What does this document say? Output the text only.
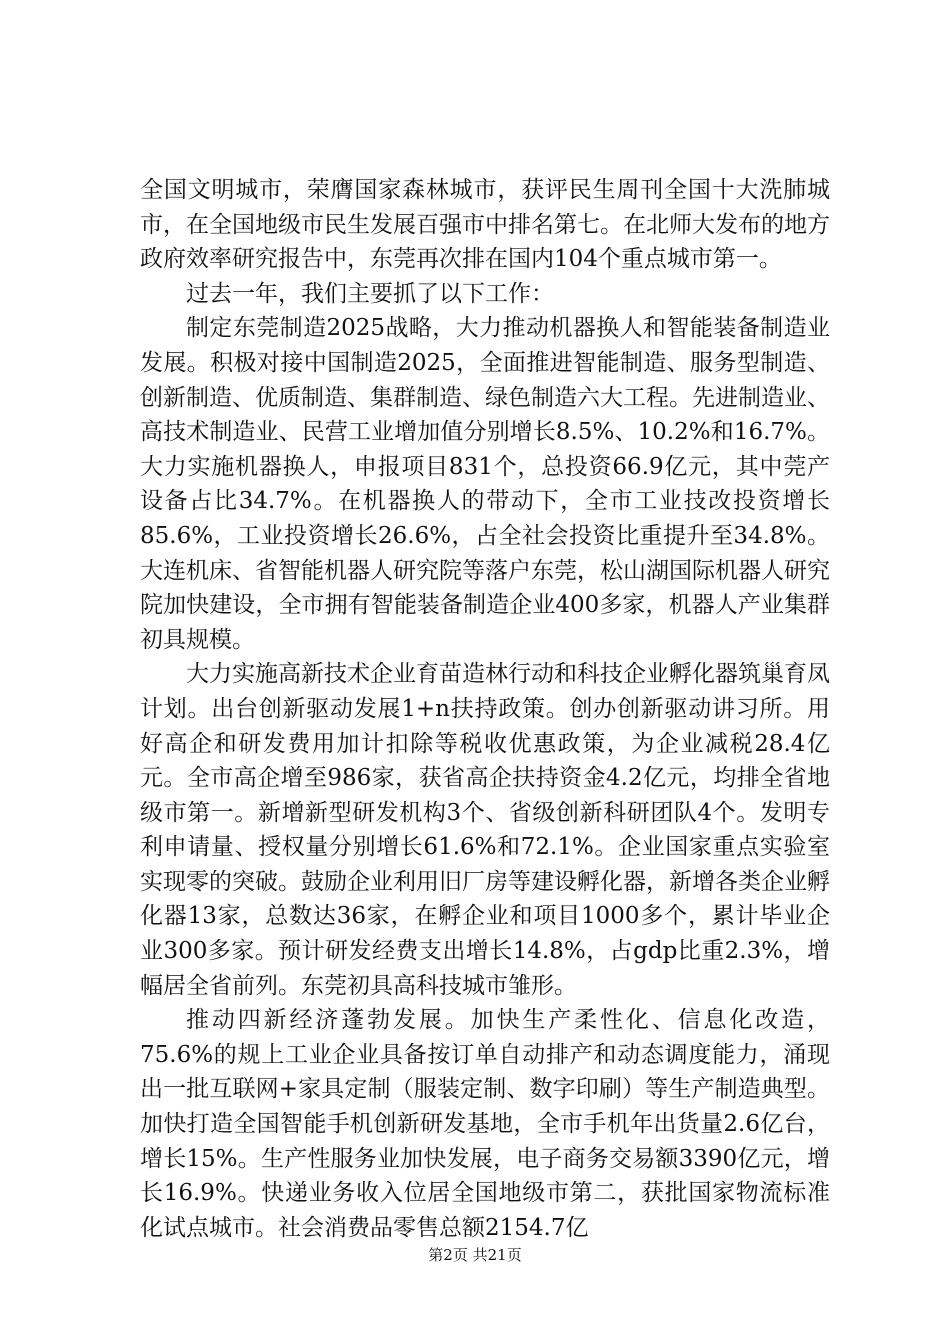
全国文明城市，荣膺国家森林城市，获评民生周刊全国十大洗肺城市，在全国地级市民生发展百强市中排名第七。在北师大发布的地方政府效率研究报告中，东莞再次排在国内104个重点城市第一。

过去一年，我们主要抓了以下工作：

制定东莞制造2025战略，大力推动机器换人和智能装备制造业发展。积极对接中国制造2025，全面推进智能制造、服务型制造、创新制造、优质制造、集群制造、绿色制造六大工程。先进制造业、高技术制造业、民营工业增加值分别增长8.5%、10.2%和16.7%。大力实施机器换人，申报项目831个，总投资66.9亿元，其中莞产设备占比34.7%。在机器换人的带动下，全市工业技改投资增长85.6%，工业投资增长26.6%，占全社会投资比重提升至34.8%。大连机床、省智能机器人研究院等落户东莞，松山湖国际机器人研究院加快建设，全市拥有智能装备制造企业400多家，机器人产业集群初具规模。

大力实施高新技术企业育苗造林行动和科技企业孵化器筑巢育凤计划。出台创新驱动发展1+n扶持政策。创办创新驱动讲习所。用好高企和研发费用加计扣除等税收优惠政策，为企业减税28.4亿元。全市高企增至986家，获省高企扶持资金4.2亿元，均排全省地级市第一。新增新型研发机构3个、省级创新科研团队4个。发明专利申请量、授权量分别增长61.6%和72.1%。企业国家重点实验室实现零的突破。鼓励企业利用旧厂房等建设孵化器，新增各类企业孵化器13家，总数达36家，在孵企业和项目1000多个，累计毕业企业300多家。预计研发经费支出增长14.8%，占gdp比重2.3%，增幅居全省前列。东莞初具高科技城市雏形。

推动四新经济蓬勃发展。加快生产柔性化、信息化改造，75.6%的规上工业企业具备按订单自动排产和动态调度能力，涌现出一批互联网+家具定制（服装定制、数字印刷）等生产制造典型。加快打造全国智能手机创新研发基地，全市手机年出货量2.6亿台，增长15%。生产性服务业加快发展，电子商务交易额3390亿元，增长16.9%。快递业务收入位居全国地级市第二，获批国家物流标准化试点城市。社会消费品零售总额2154.7亿

第2页 共21页
